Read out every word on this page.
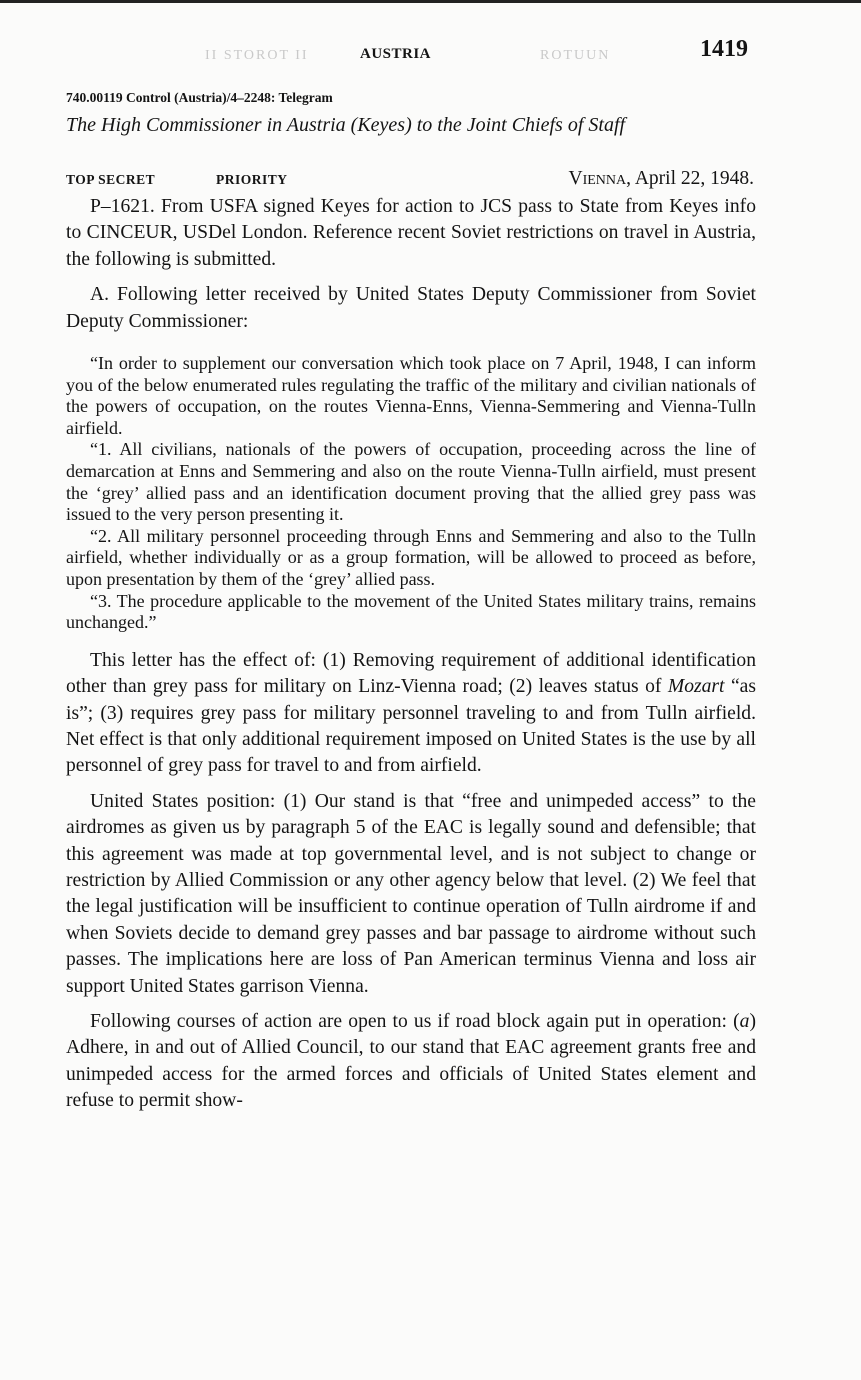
II STOROT II	AUSTRIA	ROTUUN	1419
740.00119 Control (Austria)/4–2248: Telegram
The High Commissioner in Austria (Keyes) to the Joint Chiefs of Staff
TOP SECRET	PRIORITY	Vienna, April 22, 1948.

P–1621. From USFA signed Keyes for action to JCS pass to State from Keyes info to CINCEUR, USDel London. Reference recent Soviet restrictions on travel in Austria, the following is submitted.

A. Following letter received by United States Deputy Commissioner from Soviet Deputy Commissioner:

“In order to supplement our conversation which took place on 7 April, 1948, I can inform you of the below enumerated rules regulating the traffic of the military and civilian nationals of the powers of occupation, on the routes Vienna-Enns, Vienna-Semmering and Vienna-Tulln airfield.

“1. All civilians, nationals of the powers of occupation, proceeding across the line of demarcation at Enns and Semmering and also on the route Vienna-Tulln airfield, must present the ‘grey’ allied pass and an identification document proving that the allied grey pass was issued to the very person presenting it.

“2. All military personnel proceeding through Enns and Semmering and also to the Tulln airfield, whether individually or as a group formation, will be allowed to proceed as before, upon presentation by them of the ‘grey’ allied pass.

“3. The procedure applicable to the movement of the United States military trains, remains unchanged.”

This letter has the effect of: (1) Removing requirement of additional identification other than grey pass for military on Linz-Vienna road; (2) leaves status of Mozart “as is”; (3) requires grey pass for military personnel traveling to and from Tulln airfield. Net effect is that only additional requirement imposed on United States is the use by all personnel of grey pass for travel to and from airfield.

United States position: (1) Our stand is that “free and unimpeded access” to the airdromes as given us by paragraph 5 of the EAC is legally sound and defensible; that this agreement was made at top governmental level, and is not subject to change or restriction by Allied Commission or any other agency below that level. (2) We feel that the legal justification will be insufficient to continue operation of Tulln airdrome if and when Soviets decide to demand grey passes and bar passage to airdrome without such passes. The implications here are loss of Pan American terminus Vienna and loss air support United States garrison Vienna.

Following courses of action are open to us if road block again put in operation: (a) Adhere, in and out of Allied Council, to our stand that EAC agreement grants free and unimpeded access for the armed forces and officials of United States element and refuse to permit show-
